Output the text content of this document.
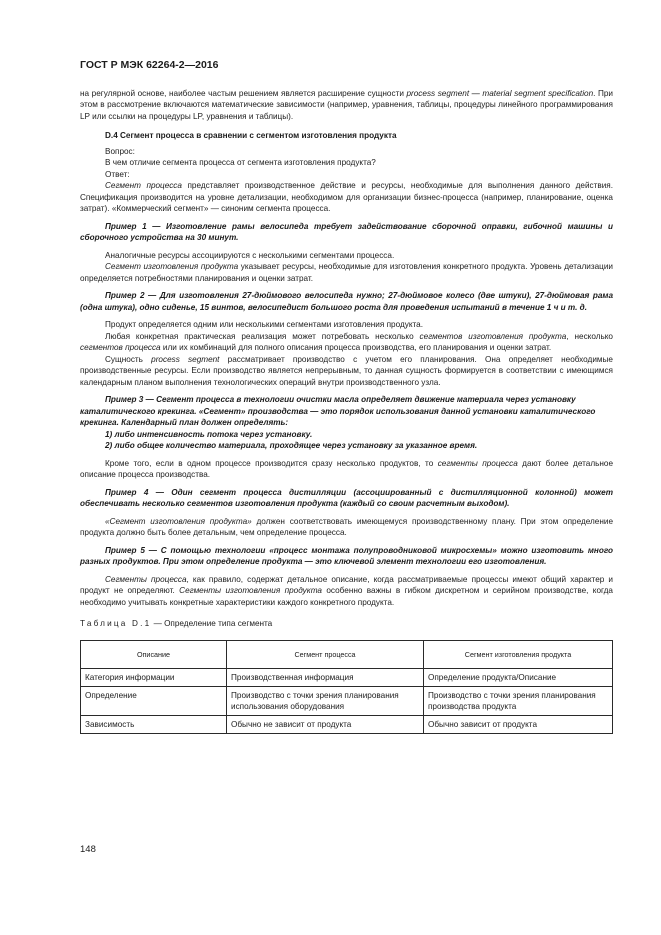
ГОСТ Р МЭК 62264-2—2016

на регулярной основе, наиболее частым решением является расширение сущности process segment — material segment specification. При этом в рассмотрение включаются математические зависимости (например, уравнения, таблицы, процедуры линейного программирования LP или ссылки на процедуры LP, уравнения и таблицы).

D.4 Сегмент процесса в сравнении с сегментом изготовления продукта

Вопрос:

В чем отличие сегмента процесса от сегмента изготовления продукта?

Ответ:

Сегмент процесса представляет производственное действие и ресурсы, необходимые для выполнения данного действия. Спецификация производится на уровне детализации, необходимом для организации бизнес-процесса (например, планирование, оценка затрат). «Коммерческий сегмент» — синоним сегмента процесса.

Пример 1 — Изготовление рамы велосипеда требует задействование сборочной оправки, гибочной машины и сборочного устройства на 30 минут.

Аналогичные ресурсы ассоциируются с несколькими сегментами процесса.

Сегмент изготовления продукта указывает ресурсы, необходимые для изготовления конкретного продукта. Уровень детализации определяется потребностями планирования и оценки затрат.

Пример 2 — Для изготовления 27-дюймового велосипеда нужно; 27-дюймовое колесо (две штуки), 27-дюймовая рама (одна штука), одно сиденье, 15 винтов, велосипедист большого роста для проведения испытаний в течение 1 ч и т. д.

Продукт определяется одним или несколькими сегментами изготовления продукта.

Любая конкретная практическая реализация может потребовать несколько сегментов изготовления продукта, несколько сегментов процесса или их комбинаций для полного описания процесса производства, его планирования и оценки затрат.

Сущность process segment рассматривает производство с учетом его планирования. Она определяет необходимые производственные ресурсы. Если производство является непрерывным, то данная сущность формируется в соответствии с имеющимся календарным планом выполнения технологических операций внутри производственного узла.

Пример 3 — Сегмент процесса в технологии очистки масла определяет движение материала через установку каталитического крекинга. «Сегмент» производства — это порядок использования данной установки каталитического крекинга. Календарный план должен определять:

1) либо интенсивность потока через установку.

2) либо общее количество материала, проходящее через установку за указанное время.

Кроме того, если в одном процессе производится сразу несколько продуктов, то сегменты процесса дают более детальное описание процесса производства.

Пример 4 — Один сегмент процесса дистилляции (ассоциированный с дистилляционной колонной) может обеспечивать несколько сегментов изготовления продукта (каждый со своим расчетным выходом).

«Сегмент изготовления продукта» должен соответствовать имеющемуся производственному плану. При этом определение продукта должно быть более детальным, чем определение процесса.

Пример 5 — С помощью технологии «процесс монтажа полупроводниковой микросхемы» можно изготовить много разных продуктов. При этом определение продукта — это ключевой элемент технологии его изготовления.

Сегменты процесса, как правило, содержат детальное описание, когда рассматриваемые процессы имеют общий характер и продукт не определяют. Сегменты изготовления продукта особенно важны в гибком дискретном и серийном производстве, когда необходимо учитывать конкретные характеристики каждого конкретного продукта.

Таблица D.1 — Определение типа сегмента
Описание	Сегмент процесса	Сегмент изготовления продукта
Категория информации	Производственная информация	Определение продукта/Описание
Определение	Производство с точки зрения планирования использования оборудования	Производство с точки зрения планирования производства продукта
Зависимость	Обычно не зависит от продукта	Обычно зависит от продукта
148
